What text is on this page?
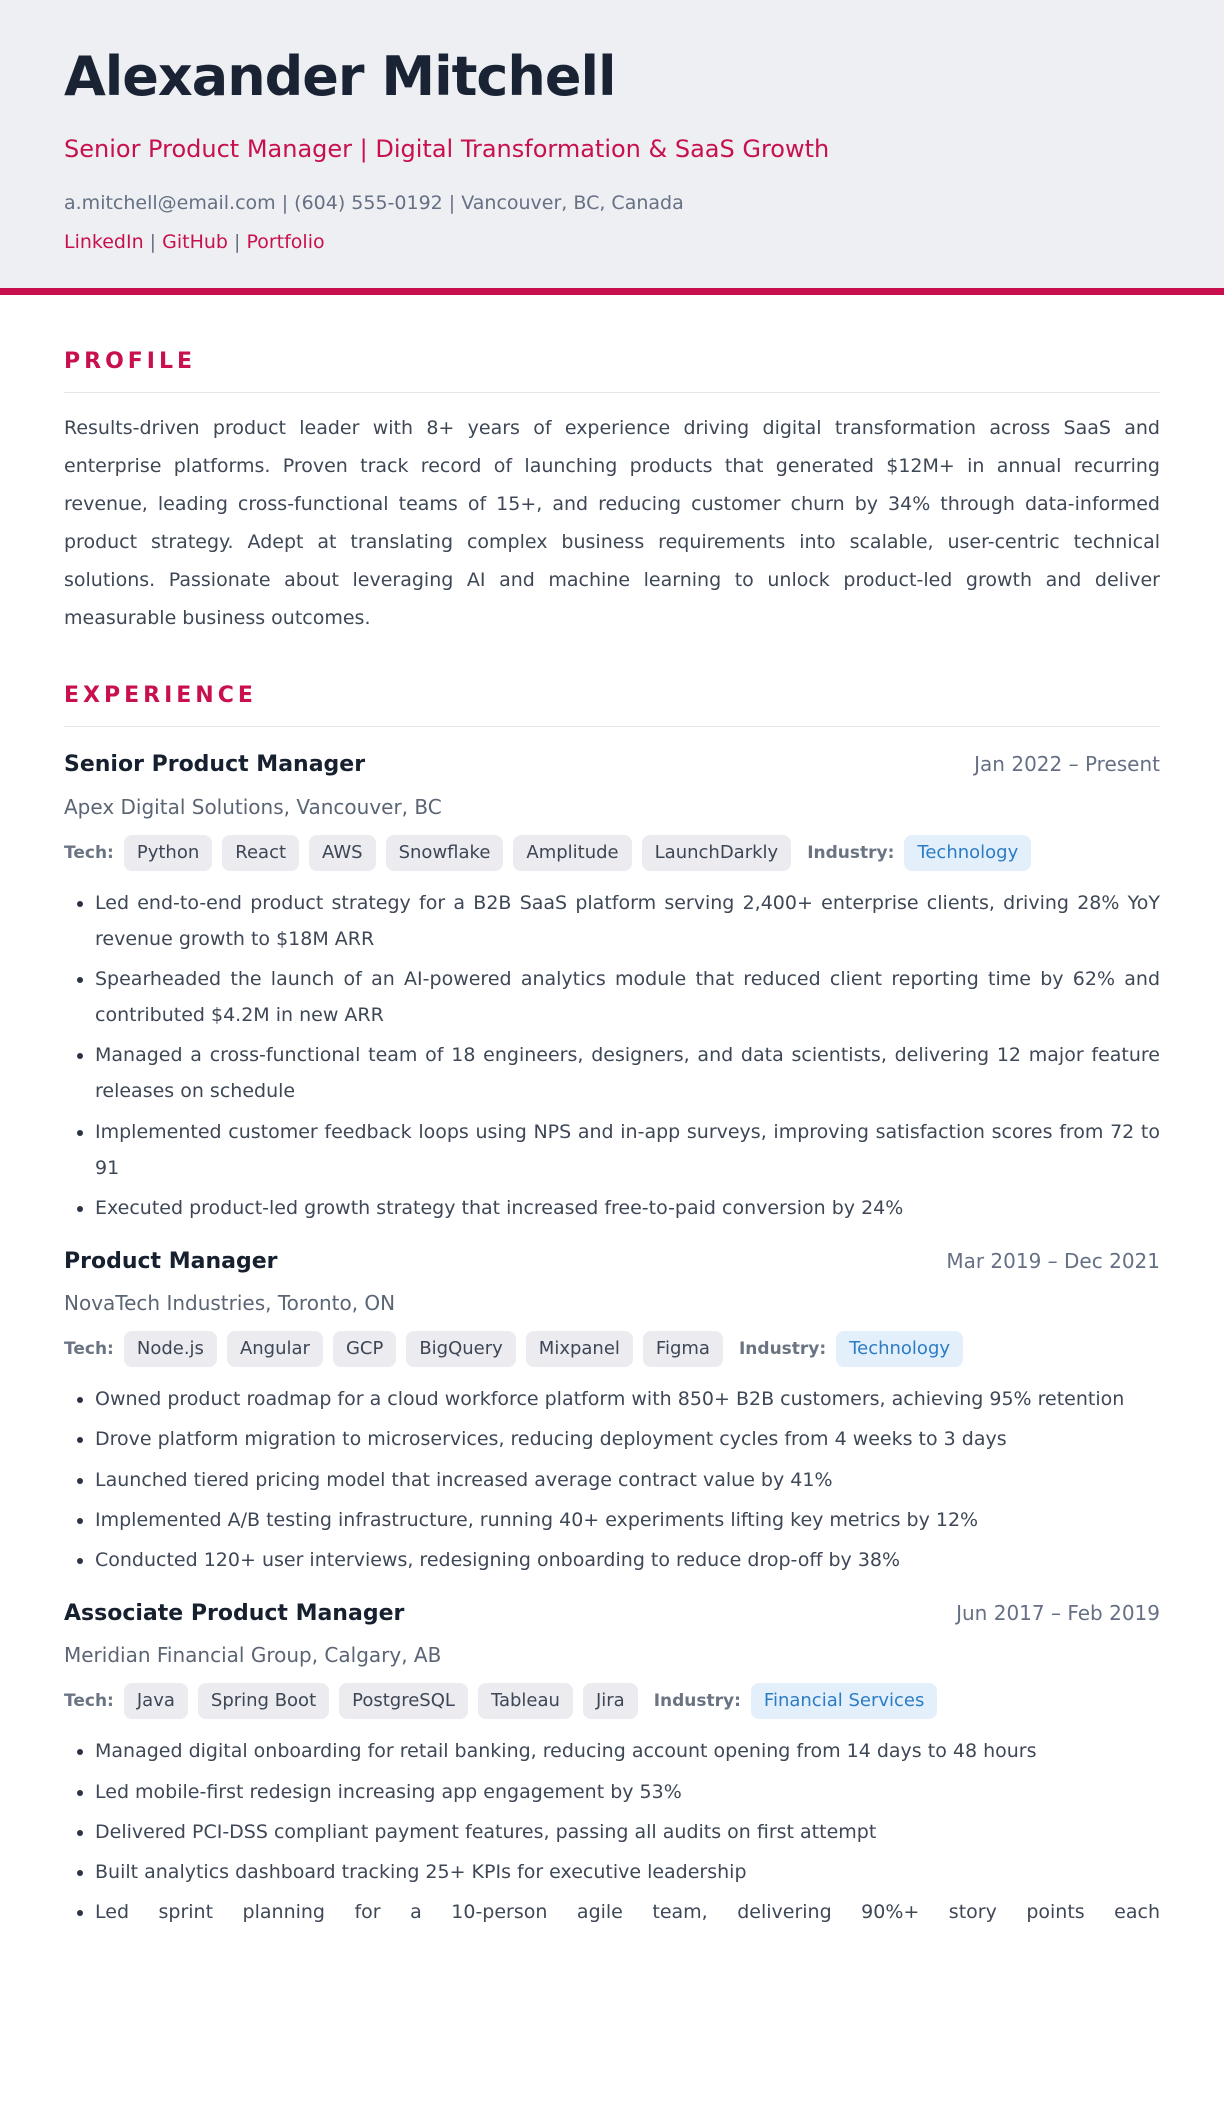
Alexander Mitchell
Senior Product Manager | Digital Transformation & SaaS Growth
a.mitchell@email.com | (604) 555-0192 | Vancouver, BC, Canada
LinkedIn | GitHub | Portfolio
PROFILE

Results-driven product leader with 8+ years of experience driving digital transformation across SaaS and enterprise platforms. Proven track record of launching products that generated $12M+ in annual recurring revenue, leading cross-functional teams of 15+, and reducing customer churn by 34% through data-informed product strategy. Adept at translating complex business requirements into scalable, user-centric technical solutions. Passionate about leveraging AI and machine learning to unlock product-led growth and deliver measurable business outcomes.

EXPERIENCE
Senior Product Manager	Jan 2022 – Present
Apex Digital Solutions, Vancouver, BC
Tech:	Python	React	AWS	Snowflake	Amplitude	LaunchDarkly	Industry:	Technology
• Led end-to-end product strategy for a B2B SaaS platform serving 2,400+ enterprise clients, driving 28% YoY revenue growth to $18M ARR
• Spearheaded the launch of an AI-powered analytics module that reduced client reporting time by 62% and contributed $4.2M in new ARR
• Managed a cross-functional team of 18 engineers, designers, and data scientists, delivering 12 major feature releases on schedule
• Implemented customer feedback loops using NPS and in-app surveys, improving satisfaction scores from 72 to 91
• Executed product-led growth strategy that increased free-to-paid conversion by 24%
Product Manager	Mar 2019 – Dec 2021
NovaTech Industries, Toronto, ON
Tech:	Node.js	Angular	GCP	BigQuery	Mixpanel	Figma	Industry:	Technology
• Owned product roadmap for a cloud workforce platform with 850+ B2B customers, achieving 95% retention
• Drove platform migration to microservices, reducing deployment cycles from 4 weeks to 3 days
• Launched tiered pricing model that increased average contract value by 41%
• Implemented A/B testing infrastructure, running 40+ experiments lifting key metrics by 12%
• Conducted 120+ user interviews, redesigning onboarding to reduce drop-off by 38%
Associate Product Manager	Jun 2017 – Feb 2019
Meridian Financial Group, Calgary, AB
Tech:	Java	Spring Boot	PostgreSQL	Tableau	Jira	Industry:	Financial Services
• Managed digital onboarding for retail banking, reducing account opening from 14 days to 48 hours
• Led mobile-first redesign increasing app engagement by 53%
• Delivered PCI-DSS compliant payment features, passing all audits on first attempt
• Built analytics dashboard tracking 25+ KPIs for executive leadership
• Led sprint planning for a 10-person agile team, delivering 90%+ story points each
